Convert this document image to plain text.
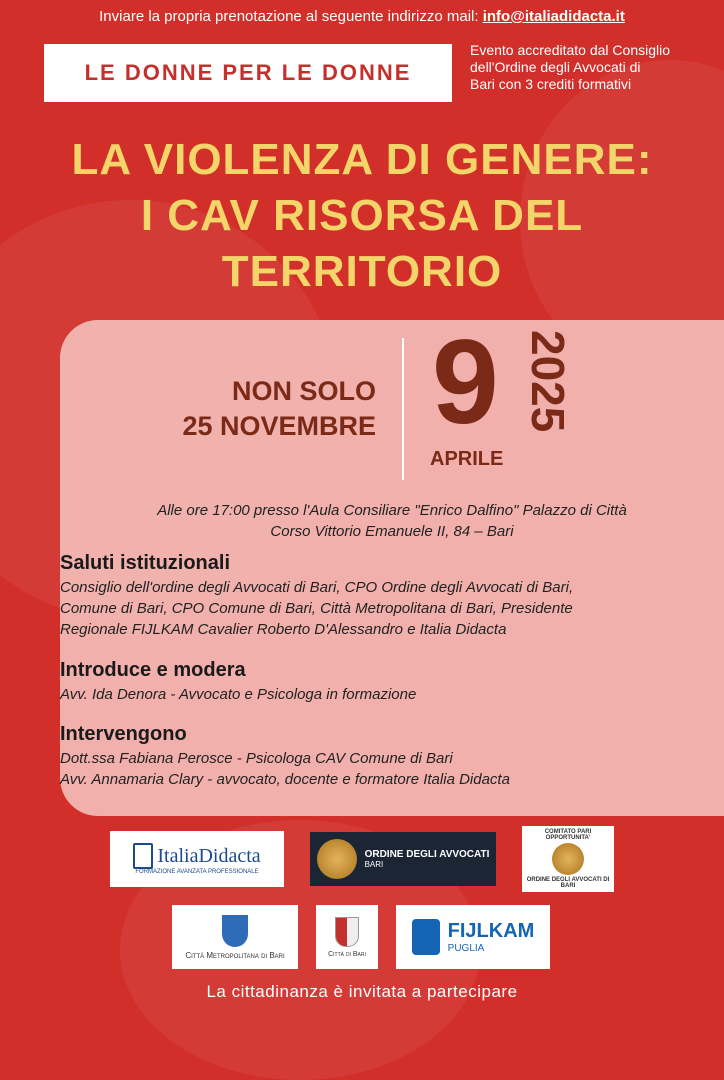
Inviare la propria prenotazione al seguente indirizzo mail: info@italiadidacta.it
LE DONNE PER LE DONNE
Evento accreditato dal Consiglio
dell'Ordine degli Avvocati di
Bari con 3 crediti formativi
LA VIOLENZA DI GENERE:
I CAV RISORSA DEL
TERRITORIO
NON SOLO
25 NOVEMBRE 9
APRILE
2025
Alle ore 17:00 presso l'Aula Consiliare "Enrico Dalfino" Palazzo di Città
Corso Vittorio Emanuele II, 84 – Bari
Saluti istituzionali

Consiglio dell'ordine degli Avvocati di Bari, CPO Ordine degli Avvocati di Bari,
Comune di Bari, CPO Comune di Bari, Città Metropolitana di Bari, Presidente
Regionale FIJLKAM Cavalier Roberto D'Alessandro e Italia Didacta

Introduce e modera

Avv. Ida Denora - Avvocato e Psicologa in formazione

Intervengono

Dott.ssa Fabiana Perosce - Psicologa CAV Comune di Bari
Avv. Annamaria Clary - avvocato, docente e formatore Italia Didacta

ItaliaDidacta
FORMAZIONE AVANZATA PROFESSIONALE
ORDINE DEGLI AVVOCATI
BARI
COMITATO PARI OPPORTUNITA'
ORDINE DEGLI AVVOCATI DI BARI
Città Metropolitana di Bari	Città di Bari
FIJLKAM
PUGLIA
La cittadinanza è invitata a partecipare
